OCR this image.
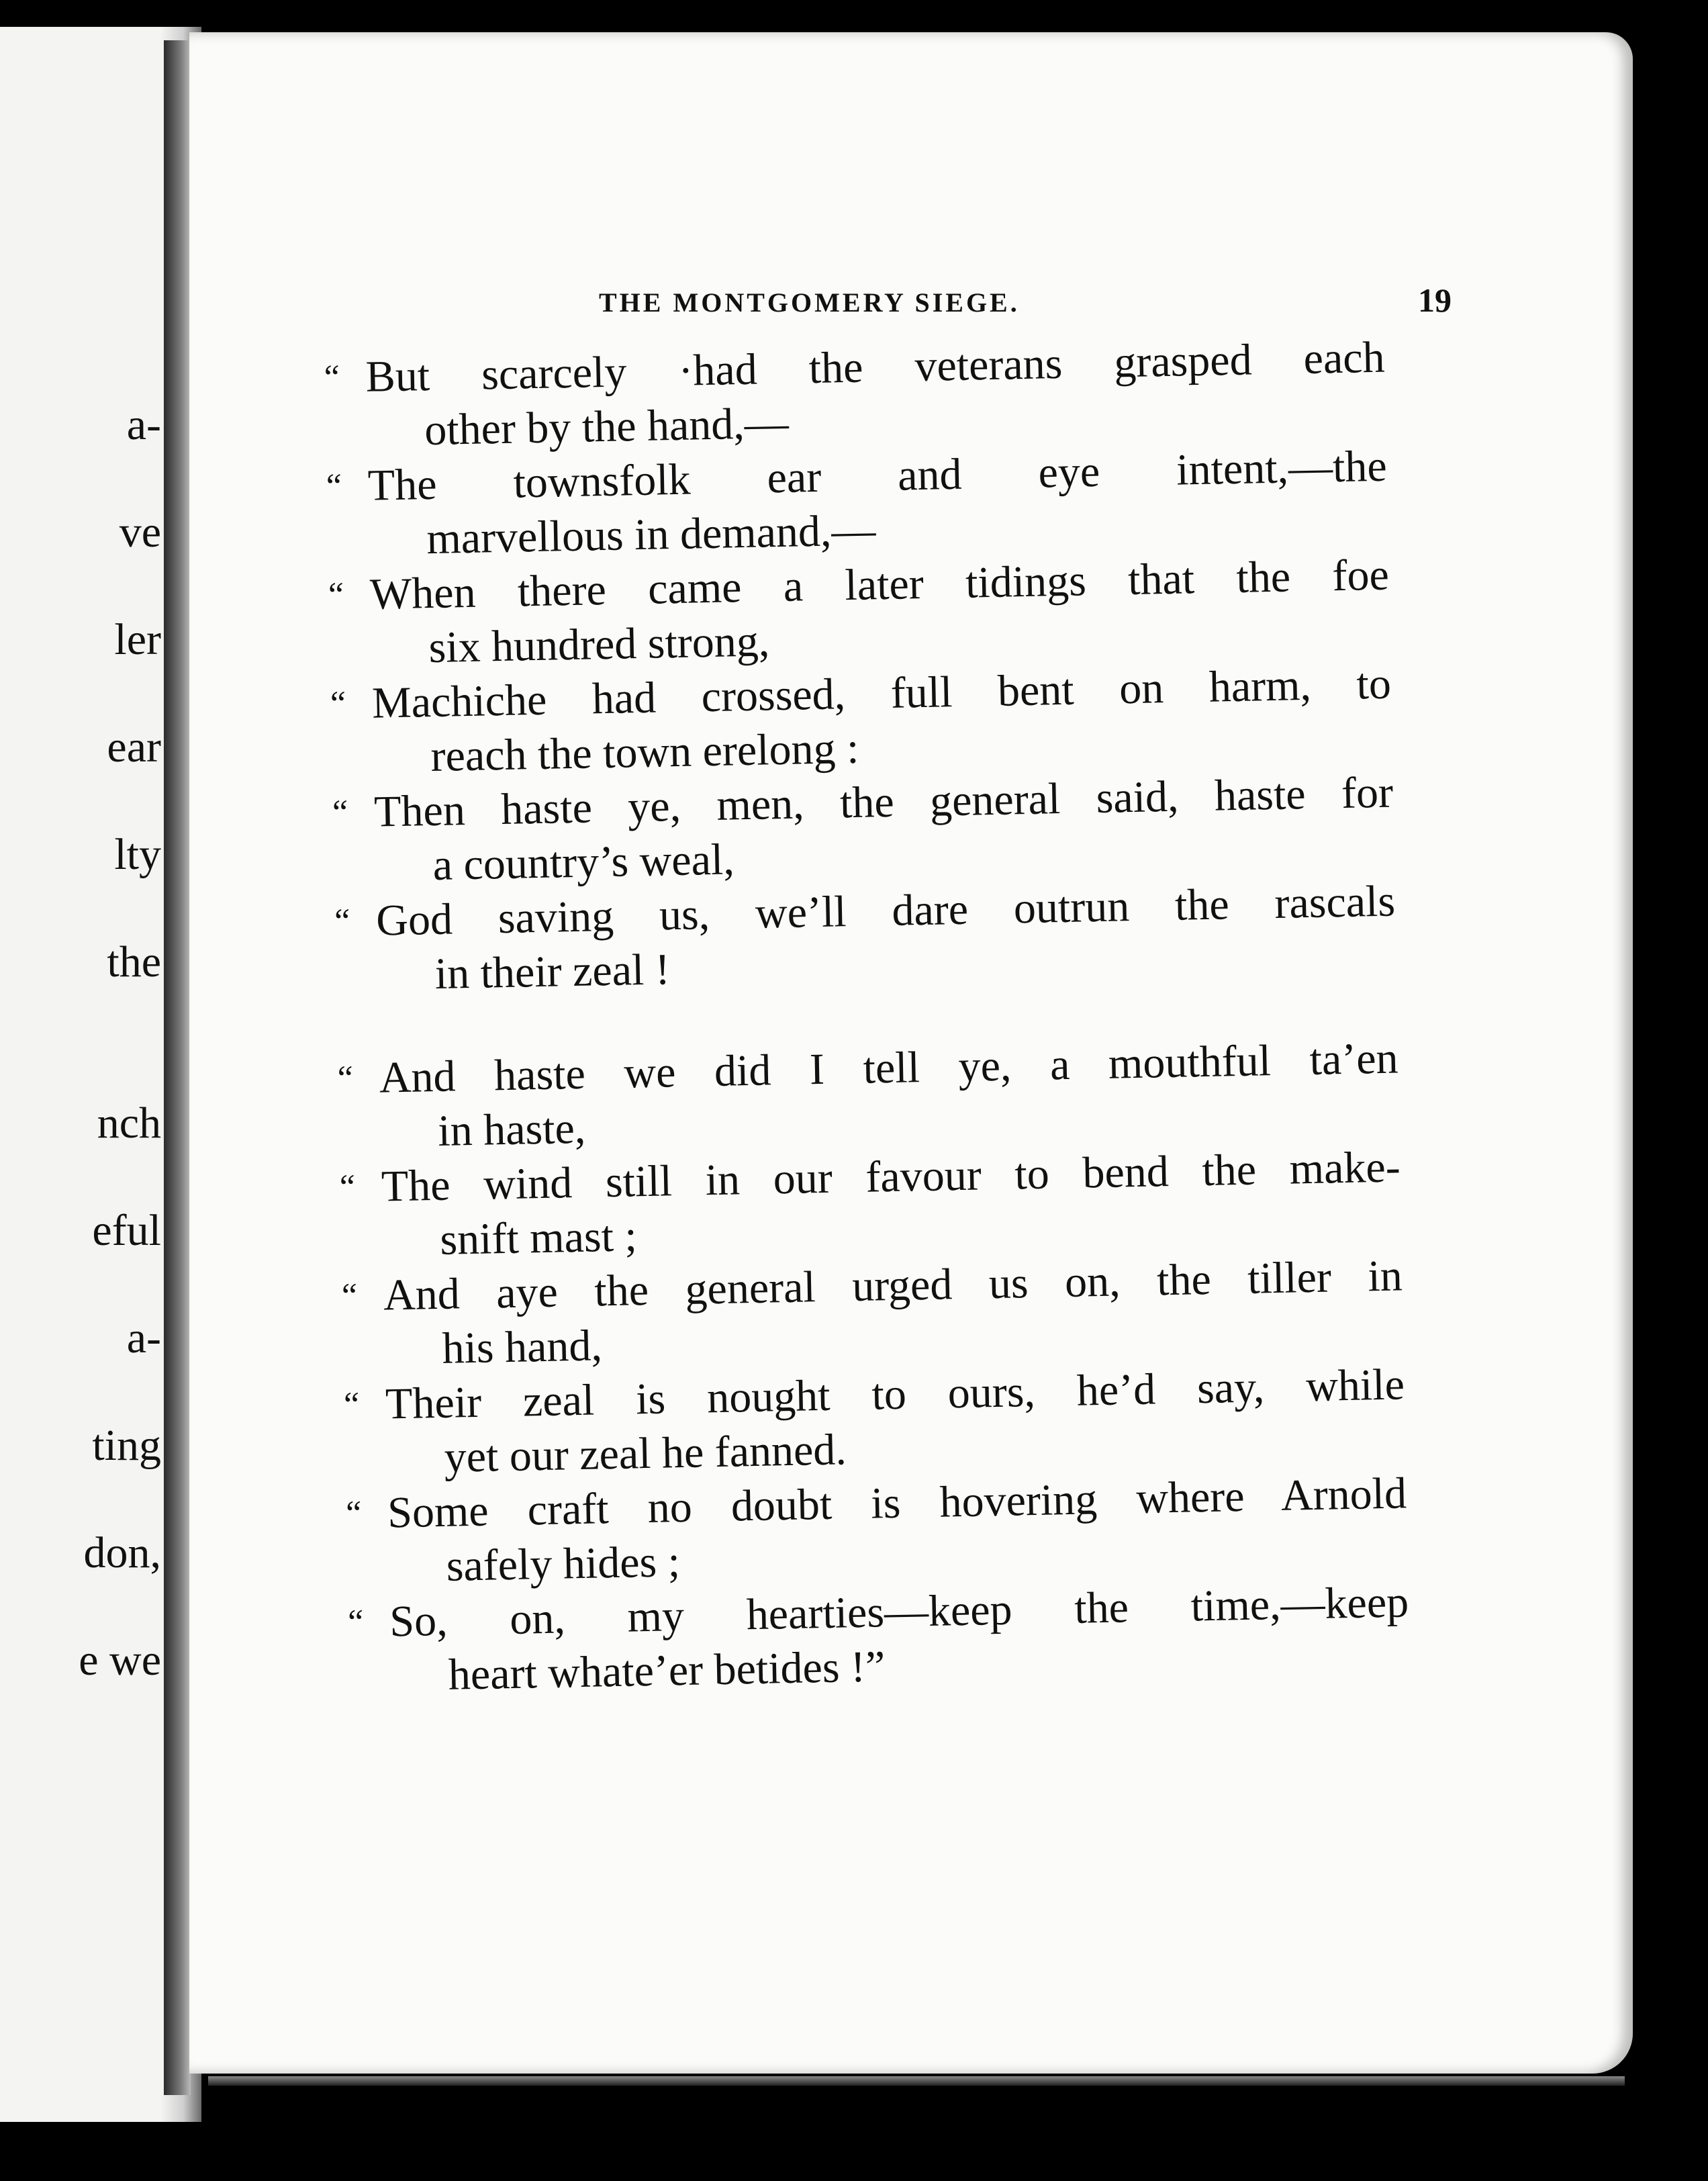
a-
ve
ler
ear
lty
the
nch
eful
a-
ting
don,
e we
THE MONTGOMERY SIEGE.	19
“ But scarcely ·had the veterans grasped each
other by the hand,—
“ The townsfolk ear and eye intent,—the
marvellous in demand,—
“ When there came a later tidings that the foe
six hundred strong,
“ Machiche had crossed, full bent on harm, to
reach the town erelong :
“ Then haste ye, men, the general said, haste for
a country’s weal,
“ God saving us, we’ll dare outrun the rascals
in their zeal !
“ And haste we did I tell ye, a mouthful ta’en
in haste,
“ The wind still in our favour to bend the make-
snift mast ;
“ And aye the general urged us on, the tiller in
his hand,
“ Their zeal is nought to ours, he’d say, while
yet our zeal he fanned.
“ Some craft no doubt is hovering where Arnold
safely hides ;
“ So, on, my hearties—keep the time,—keep
heart whate’er betides !”
